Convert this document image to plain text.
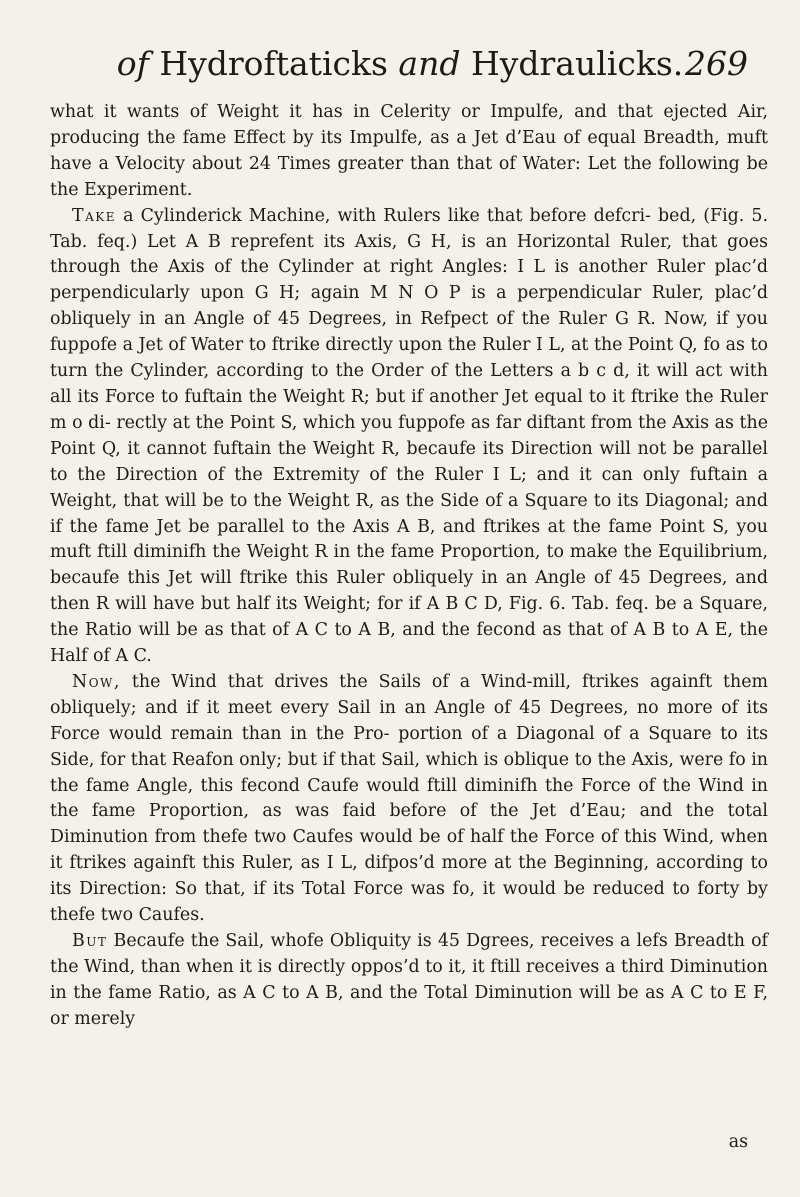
of Hydroftaticks and Hydraulicks. 269

what it wants of Weight it has in Celerity or Impulfe, and that ejected Air, producing the fame Effect by its Impulfe, as a Jet d’Eau of equal Breadth, muft have a Velocity about 24 Times greater than that of Water: Let the following be the Experiment.

Take a Cylinderick Machine, with Rulers like that before defcri- bed, (Fig. 5. Tab. feq.) Let A B reprefent its Axis, G H, is an Horizontal Ruler, that goes through the Axis of the Cylinder at right Angles: I L is another Ruler plac’d perpendicularly upon G H; again M N O P is a perpendicular Ruler, plac’d obliquely in an Angle of 45 Degrees, in Refpect of the Ruler G R. Now, if you fuppofe a Jet of Water to ftrike directly upon the Ruler I L, at the Point Q, fo as to turn the Cylinder, according to the Order of the Letters a b c d, it will act with all its Force to fuftain the Weight R; but if another Jet equal to it ftrike the Ruler m o di- rectly at the Point S, which you fuppofe as far diftant from the Axis as the Point Q, it cannot fuftain the Weight R, becaufe its Direction will not be parallel to the Direction of the Extremity of the Ruler I L; and it can only fuftain a Weight, that will be to the Weight R, as the Side of a Square to its Diagonal; and if the fame Jet be parallel to the Axis A B, and ftrikes at the fame Point S, you muft ftill diminifh the Weight R in the fame Proportion, to make the Equilibrium, becaufe this Jet will ftrike this Ruler obliquely in an Angle of 45 Degrees, and then R will have but half its Weight; for if A B C D, Fig. 6. Tab. feq. be a Square, the Ratio will be as that of A C to A B, and the fecond as that of A B to A E, the Half of A C.

Now, the Wind that drives the Sails of a Wind-mill, ftrikes againft them obliquely; and if it meet every Sail in an Angle of 45 Degrees, no more of its Force would remain than in the Pro- portion of a Diagonal of a Square to its Side, for that Reafon only; but if that Sail, which is oblique to the Axis, were fo in the fame Angle, this fecond Caufe would ftill diminifh the Force of the Wind in the fame Proportion, as was faid before of the Jet d’Eau; and the total Diminution from thefe two Caufes would be of half the Force of this Wind, when it ftrikes againft this Ruler, as I L, difpos’d more at the Beginning, according to its Direction: So that, if its Total Force was fo, it would be reduced to forty by thefe two Caufes.

But Becaufe the Sail, whofe Obliquity is 45 Dgrees, receives a lefs Breadth of the Wind, than when it is directly oppos’d to it, it ftill receives a third Diminution in the fame Ratio, as A C to A B, and the Total Diminution will be as A C to E F, or merely

as
